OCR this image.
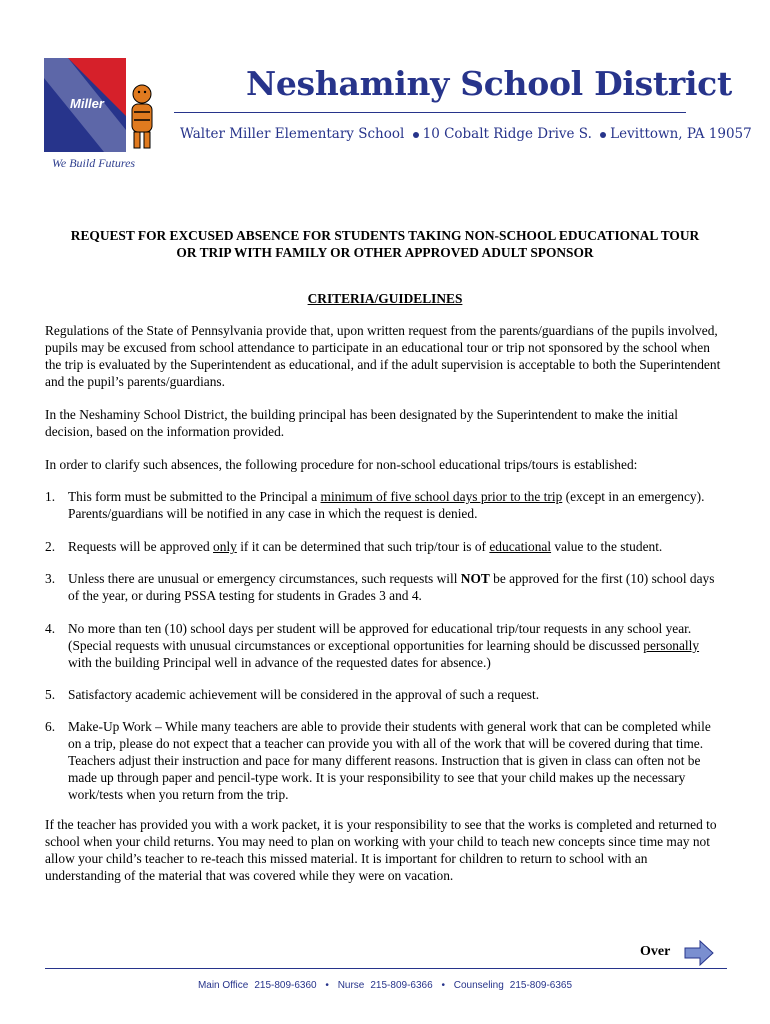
Miller
We Build Futures
Neshaminy School District
Walter Miller Elementary School 10 Cobalt Ridge Drive S. Levittown, PA 19057
REQUEST FOR EXCUSED ABSENCE FOR STUDENTS TAKING NON-SCHOOL EDUCATIONAL TOUR
OR TRIP WITH FAMILY OR OTHER APPROVED ADULT SPONSOR
CRITERIA/GUIDELINES
Regulations of the State of Pennsylvania provide that, upon written request from the parents/guardians of the pupils involved, pupils may be excused from school attendance to participate in an educational tour or trip not sponsored by the school when the trip is evaluated by the Superintendent as educational, and if the adult supervision is acceptable to both the Superintendent and the pupil’s parents/guardians.
In the Neshaminy School District, the building principal has been designated by the Superintendent to make the initial decision, based on the information provided.
In order to clarify such absences, the following procedure for non-school educational trips/tours is established:
1. This form must be submitted to the Principal a minimum of five school days prior to the trip (except in an emergency). Parents/guardians will be notified in any case in which the request is denied.
2. Requests will be approved only if it can be determined that such trip/tour is of educational value to the student.
3. Unless there are unusual or emergency circumstances, such requests will NOT be approved for the first (10) school days of the year, or during PSSA testing for students in Grades 3 and 4.
4. No more than ten (10) school days per student will be approved for educational trip/tour requests in any school year. (Special requests with unusual circumstances or exceptional opportunities for learning should be discussed personally with the building Principal well in advance of the requested dates for absence.)
5. Satisfactory academic achievement will be considered in the approval of such a request.
6. Make-Up Work – While many teachers are able to provide their students with general work that can be completed while on a trip, please do not expect that a teacher can provide you with all of the work that will be covered during that time. Teachers adjust their instruction and pace for many different reasons. Instruction that is given in class can often not be made up through paper and pencil-type work. It is your responsibility to see that your child makes up the necessary work/tests when you return from the trip.
If the teacher has provided you with a work packet, it is your responsibility to see that the works is completed and returned to school when your child returns. You may need to plan on working with your child to teach new concepts since time may not allow your child’s teacher to re-teach this missed material. It is important for children to return to school with an understanding of the material that was covered while they were on vacation.
Over
Main Office 215-809-6360 • Nurse 215-809-6366 • Counseling 215-809-6365
